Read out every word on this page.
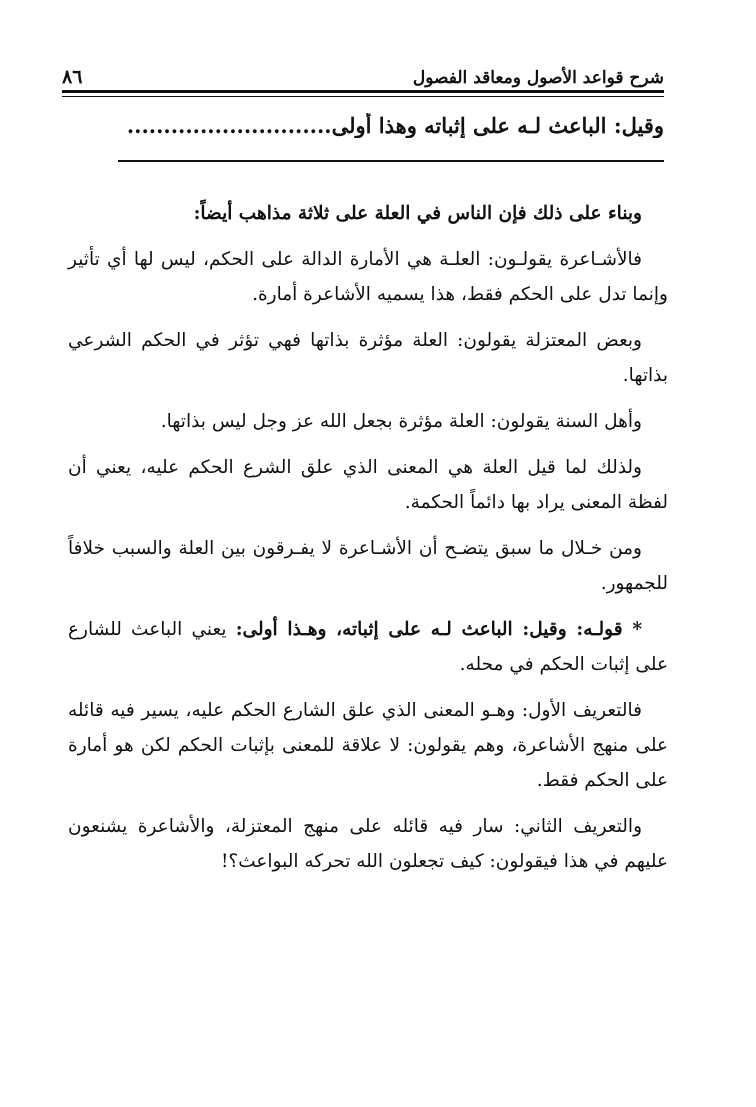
شرح قواعد الأصول ومعاقد الفصول
٨٦
وقيل: الباعث لـه على إثباته وهذا أولى............................

وبناء على ذلك فإن الناس في العلة على ثلاثة مذاهب أيضاً:

فالأشـاعرة يقولـون: العلـة هي الأمارة الدالة على الحكم، ليس لها أي تأثير وإنما تدل على الحكم فقط، هذا يسميه الأشاعرة أمارة.

وبعض المعتزلة يقولون: العلة مؤثرة بذاتها فهي تؤثر في الحكم الشرعي بذاتها.

وأهل السنة يقولون: العلة مؤثرة بجعل الله عز وجل ليس بذاتها.

ولذلك لما قيل العلة هي المعنى الذي علق الشرع الحكم عليه، يعني أن لفظة المعنى يراد بها دائماً الحكمة.

ومن خـلال ما سبق يتضـح أن الأشـاعرة لا يفـرقون بين العلة والسبب خلافاً للجمهور.

* قولـه: وقيل: الباعث لـه على إثباته، وهـذا أولى: يعني الباعث للشارع على إثبات الحكم في محله.

فالتعريف الأول: وهـو المعنى الذي علق الشارع الحكم عليه، يسير فيه قائله على منهج الأشاعرة، وهم يقولون: لا علاقة للمعنى بإثبات الحكم لكن هو أمارة على الحكم فقط.

والتعريف الثاني: سار فيه قائله على منهج المعتزلة، والأشاعرة يشنعون عليهم في هذا فيقولون: كيف تجعلون الله تحركه البواعث؟!
